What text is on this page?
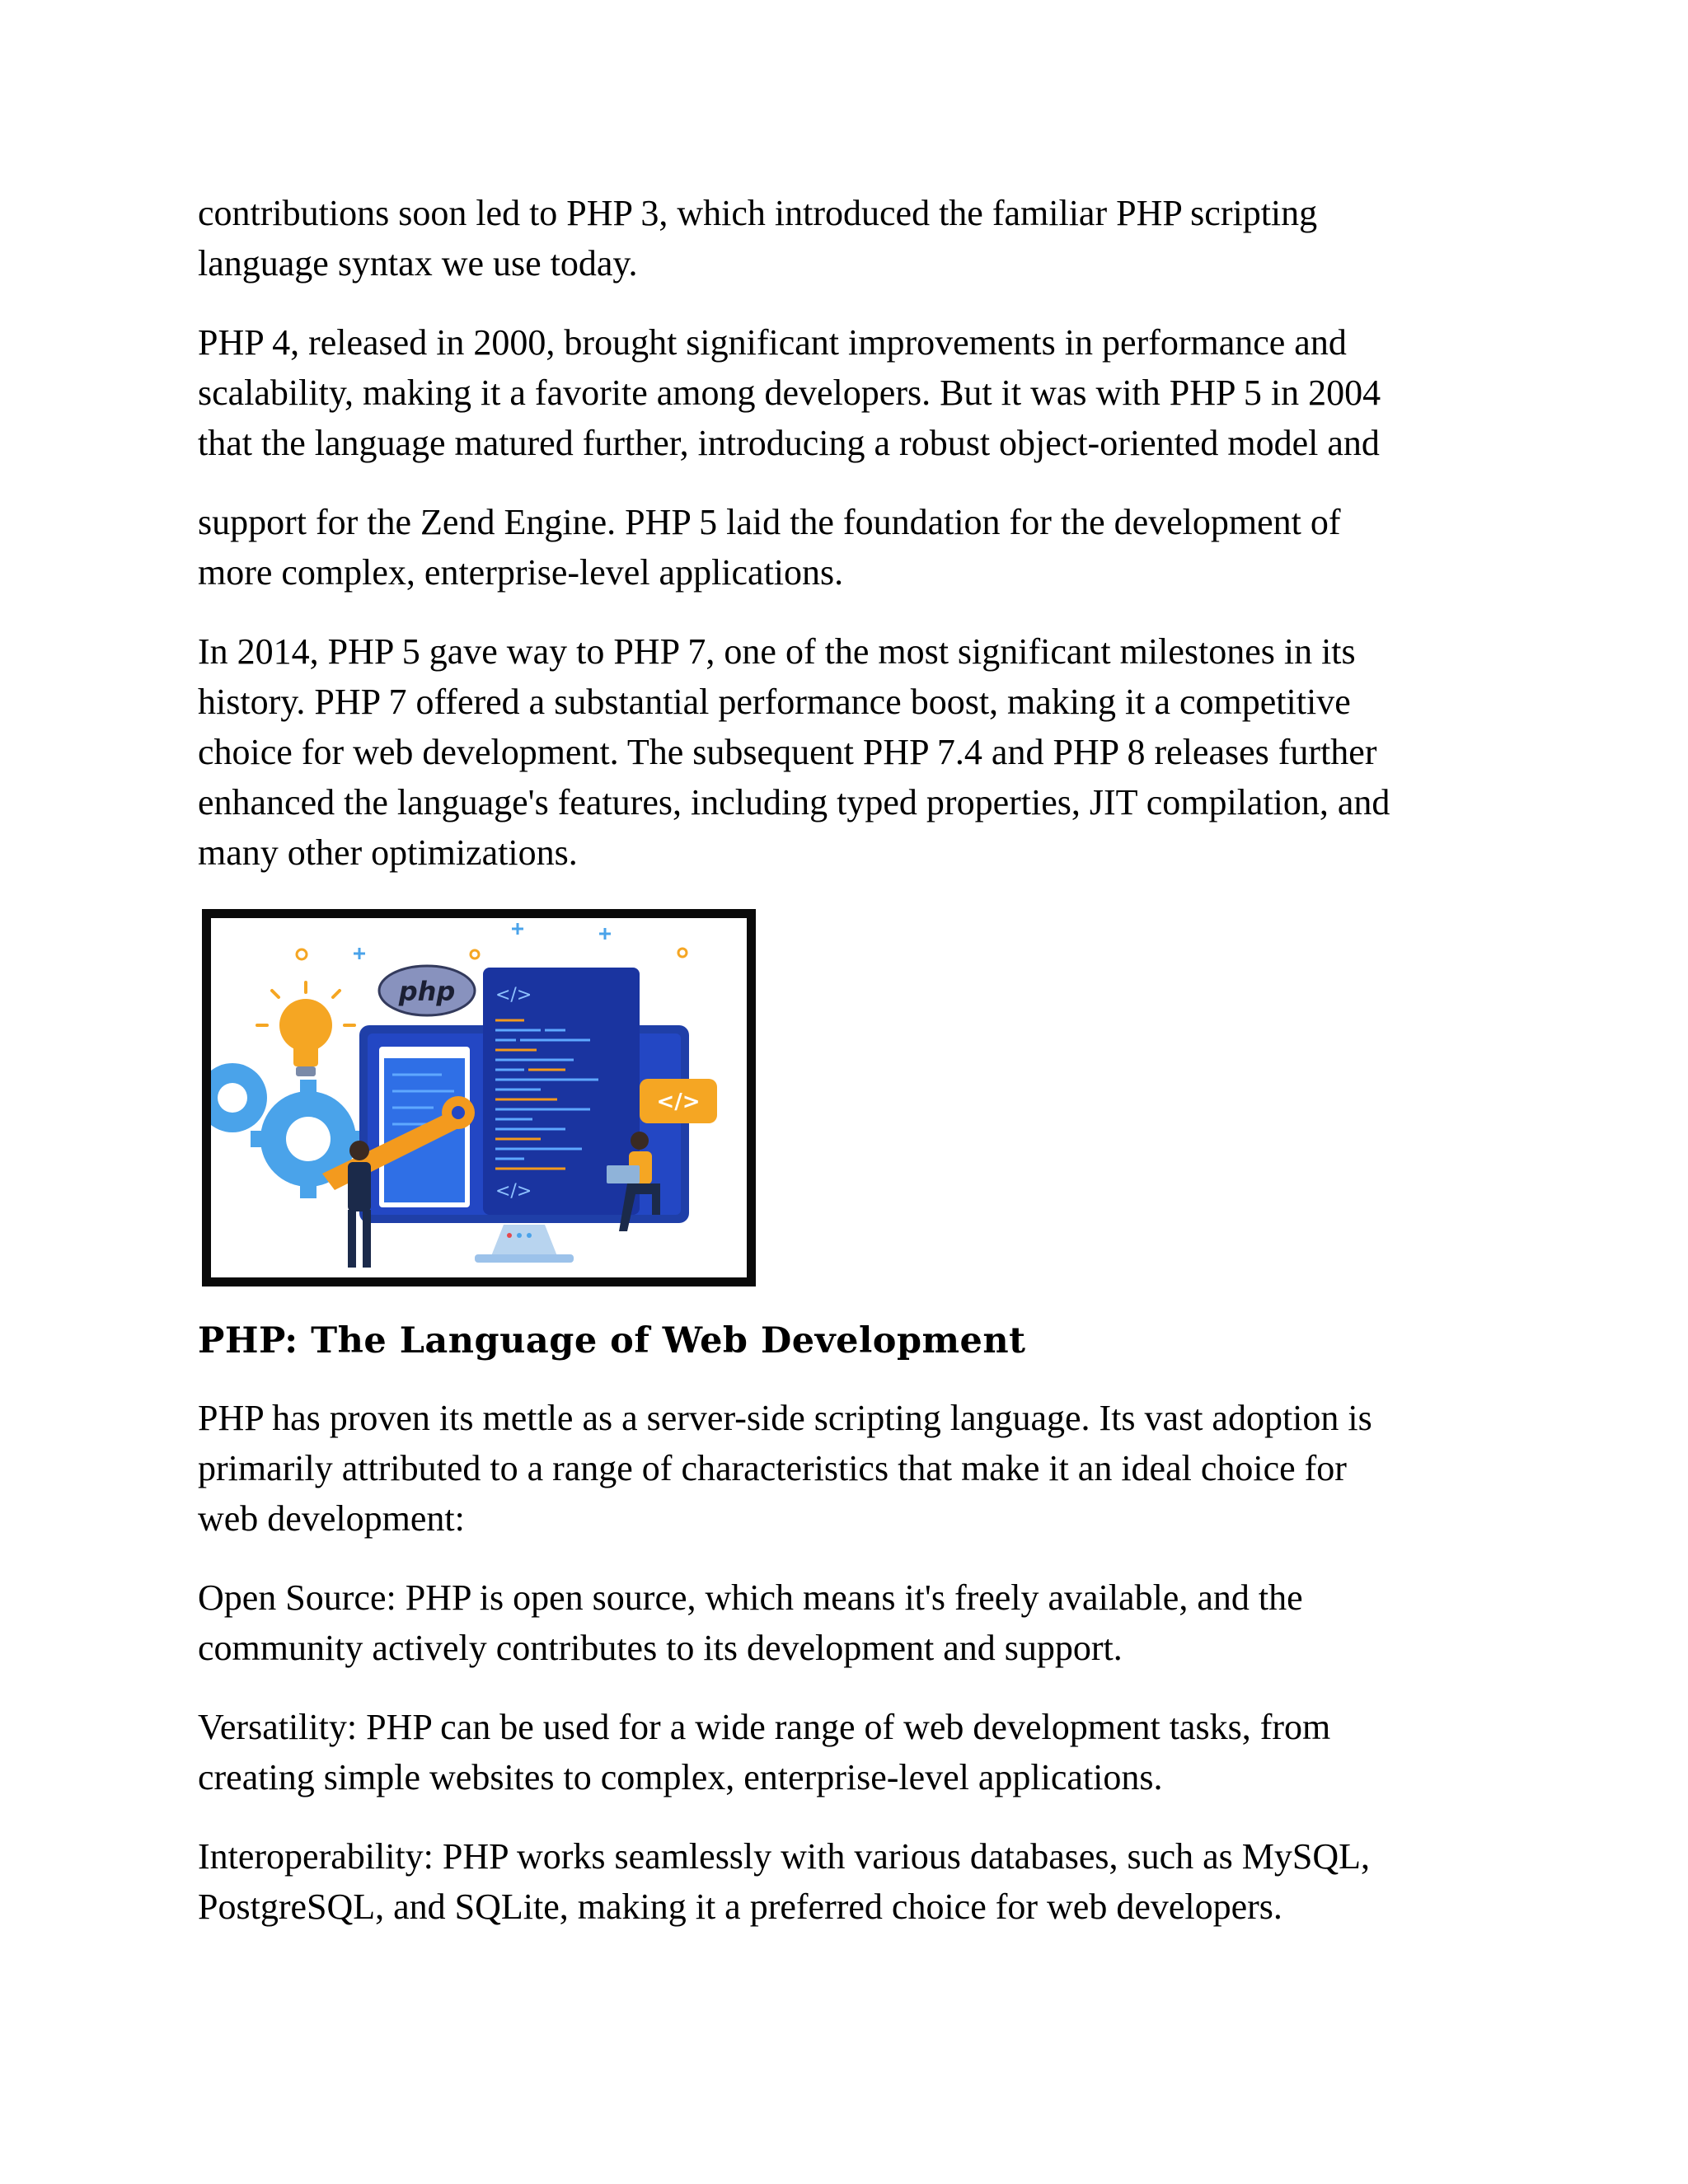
contributions soon led to PHP 3, which introduced the familiar PHP scripting
language syntax we use today.

PHP 4, released in 2000, brought significant improvements in performance and
scalability, making it a favorite among developers. But it was with PHP 5 in 2004
that the language matured further, introducing a robust object-oriented model and

support for the Zend Engine. PHP 5 laid the foundation for the development of
more complex, enterprise-level applications.

In 2014, PHP 5 gave way to PHP 7, one of the most significant milestones in its
history. PHP 7 offered a substantial performance boost, making it a competitive
choice for web development. The subsequent PHP 7.4 and PHP 8 releases further
enhanced the language's features, including typed properties, JIT compilation, and
many other optimizations.

</>
</>
php
</>
PHP: The Language of Web Development

PHP has proven its mettle as a server-side scripting language. Its vast adoption is
primarily attributed to a range of characteristics that make it an ideal choice for
web development:

Open Source: PHP is open source, which means it's freely available, and the
community actively contributes to its development and support.

Versatility: PHP can be used for a wide range of web development tasks, from
creating simple websites to complex, enterprise-level applications.

Interoperability: PHP works seamlessly with various databases, such as MySQL,
PostgreSQL, and SQLite, making it a preferred choice for web developers.
